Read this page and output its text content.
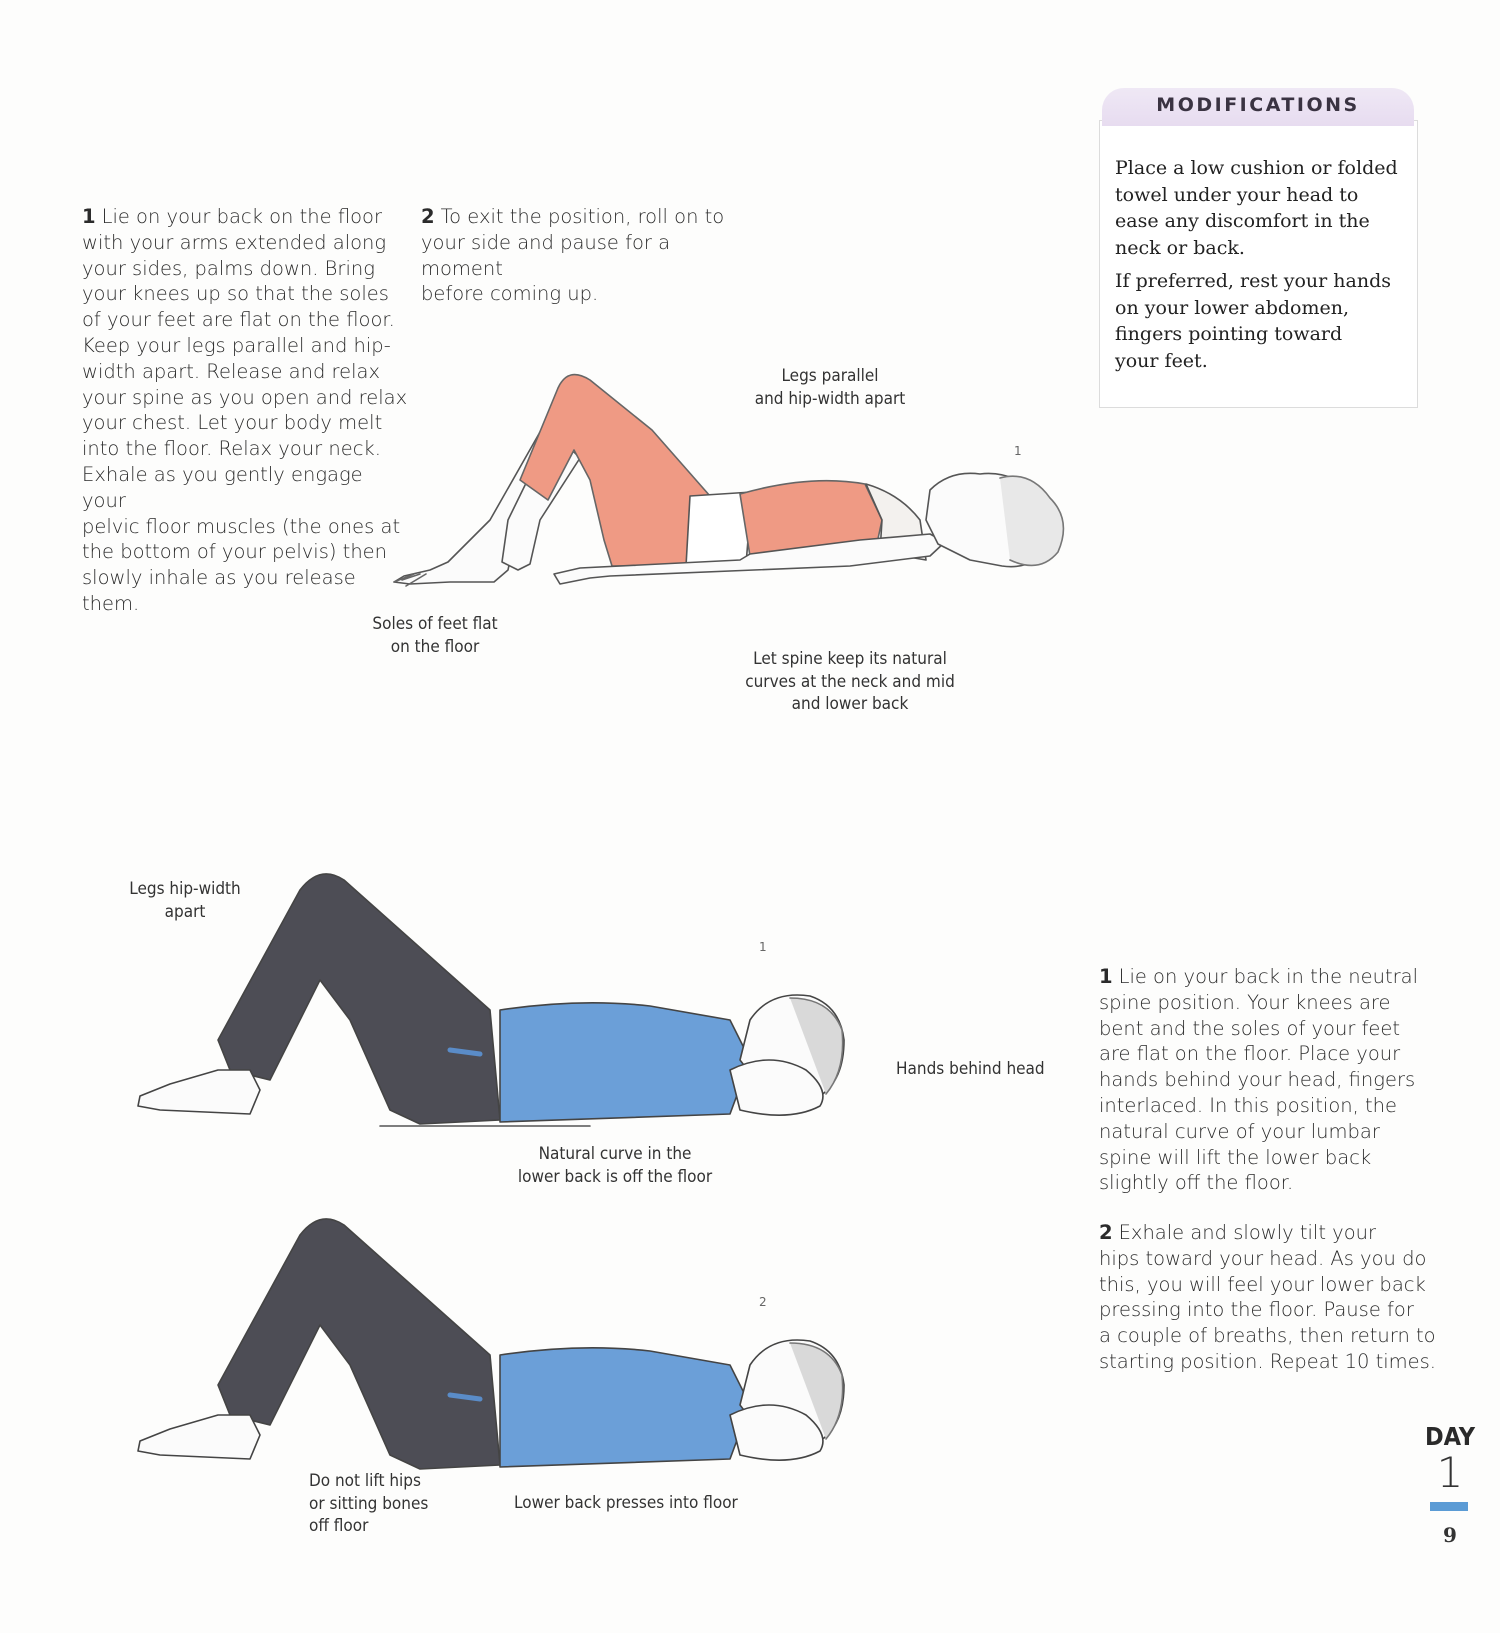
1 Lie on your back on the floor
with your arms extended along
your sides, palms down. Bring
your knees up so that the soles
of your feet are flat on the floor.
Keep your legs parallel and hip-
width apart. Release and relax
your spine as you open and relax
your chest. Let your body melt
into the floor. Relax your neck.
Exhale as you gently engage your
pelvic floor muscles (the ones at
the bottom of your pelvis) then
slowly inhale as you release them.
2 To exit the position, roll on to
your side and pause for a moment
before coming up.
MODIFICATIONS
Place a low cushion or folded
towel under your head to
ease any discomfort in the
neck or back.
If preferred, rest your hands
on your lower abdomen,
fingers pointing toward
your feet.
1
Legs parallel
and hip-width apart
Soles of feet flat
on the floor
Let spine keep its natural
curves at the neck and mid
and lower back
1
2
Legs hip-width
apart
Hands behind head
Natural curve in the
lower back is off the floor
Do not lift hips
or sitting bones
off floor
Lower back presses into floor
1 Lie on your back in the neutral
spine position. Your knees are
bent and the soles of your feet
are flat on the floor. Place your
hands behind your head, fingers
interlaced. In this position, the
natural curve of your lumbar
spine will lift the lower back
slightly off the floor.
2 Exhale and slowly tilt your
hips toward your head. As you do
this, you will feel your lower back
pressing into the floor. Pause for
a couple of breaths, then return to
starting position. Repeat 10 times.
DAY
1
9
